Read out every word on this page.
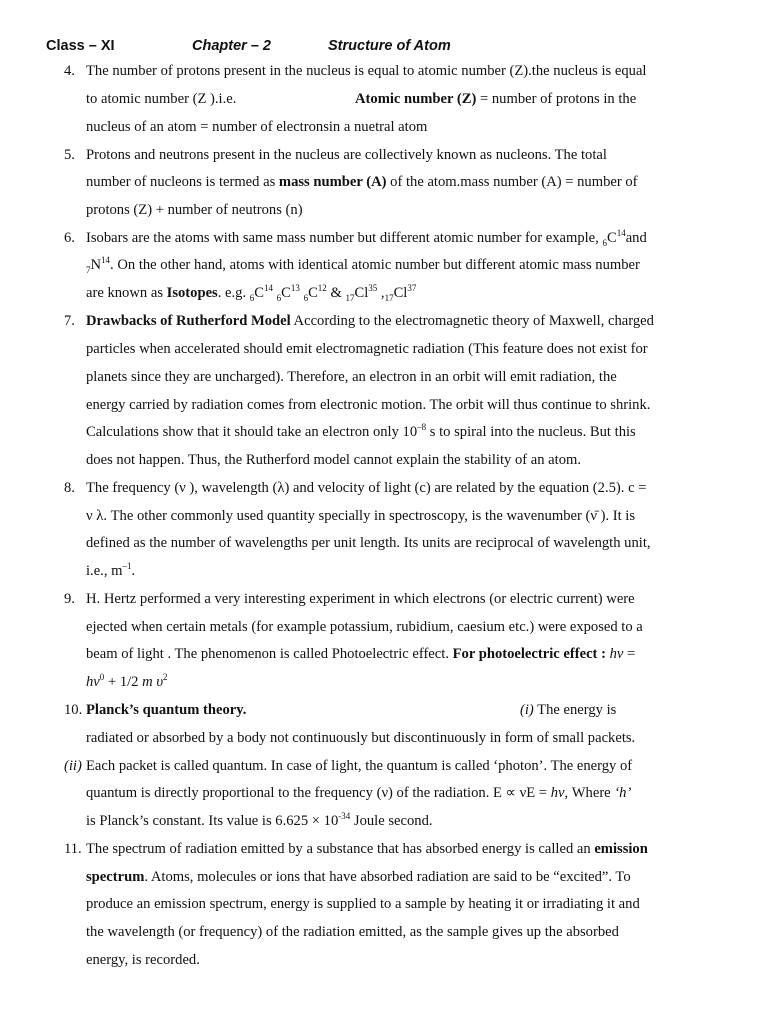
Class – XI	Chapter – 2	Structure of Atom
4. The number of protons present in the nucleus is equal to atomic number (Z).the nucleus is equal
to atomic number (Z ).i.e.	Atomic number (Z) = number of protons in the
nucleus of an atom = number of electronsin a nuetral atom
5. Protons and neutrons present in the nucleus are collectively known as nucleons. The total
number of nucleons is termed as mass number (A) of the atom.mass number (A) = number of
protons (Z) + number of neutrons (n)
6. Isobars are the atoms with same mass number but different atomic number for example, $_6C^{14}and$
$_7N^{14}$. On the other hand, atoms with identical atomic number but different atomic mass number
are known as Isotopes. e.g. $_6C^{14}$ $_6C^{13}$ $_6C^{12}$ & $_{17}Cl^{35}$ $,_{17}Cl^{37}$
7. Drawbacks of Rutherford Model According to the electromagnetic theory of Maxwell, charged
particles when accelerated should emit electromagnetic radiation (This feature does not exist for
planets since they are uncharged). Therefore, an electron in an orbit will emit radiation, the
energy carried by radiation comes from electronic motion. The orbit will thus continue to shrink.
Calculations show that it should take an electron only $10^{-8}$ s to spiral into the nucleus. But this
does not happen. Thus, the Rutherford model cannot explain the stability of an atom.
8. The frequency (ν ), wavelength (λ) and velocity of light (c) are related by the equation (2.5). c =
ν λ. The other commonly used quantity specially in spectroscopy, is the wavenumber (ν̄ ). It is
defined as the number of wavelengths per unit length. Its units are reciprocal of wavelength unit,
i.e., $m^{-1}$.
9. H. Hertz performed a very interesting experiment in which electrons (or electric current) were
ejected when certain metals (for example potassium, rubidium, caesium etc.) were exposed to a
beam of light . The phenomenon is called Photoelectric effect. For photoelectric effect : hν =
$h\nu^0 + 1/2$ m $\upsilon^2$
10. Planck’s quantum theory.	(i) The energy is
radiated or absorbed by a body not continuously but discontinuously in form of small packets.
(ii) Each packet is called quantum. In case of light, the quantum is called ‘photon’. The energy of
quantum is directly proportional to the frequency (ν) of the radiation. E ∝ νE = hν, Where ‘h’
is Planck’s constant. Its value is $6.625 \times 10^{-34}$ Joule second.
11. The spectrum of radiation emitted by a substance that has absorbed energy is called an emission
spectrum. Atoms, molecules or ions that have absorbed radiation are said to be “excited”. To
produce an emission spectrum, energy is supplied to a sample by heating it or irradiating it and
the wavelength (or frequency) of the radiation emitted, as the sample gives up the absorbed
energy, is recorded.
